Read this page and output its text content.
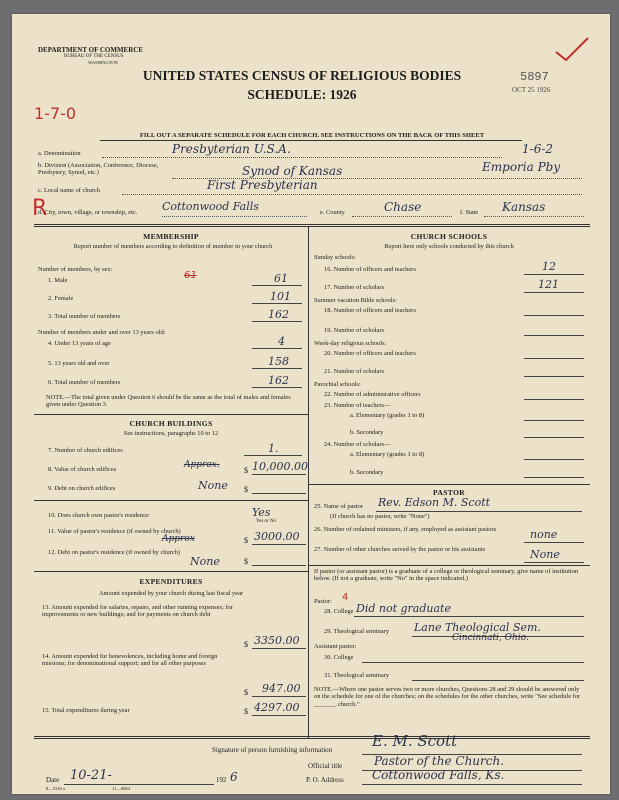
DEPARTMENT OF COMMERCE
BUREAU OF THE CENSUS
WASHINGTON
UNITED STATES CENSUS OF RELIGIOUS BODIES
SCHEDULE: 1926
FILL OUT A SEPARATE SCHEDULE FOR EACH CHURCH. SEE INSTRUCTIONS ON THE BACK OF THIS SHEET
5897
OCT 25 1926
1-7-0
R
a. Denomination	Presbyterian U.S.A.	1-6-2
b. Division (Association, Conference, Diocese, Presbytery, Synod, etc.)	Synod of Kansas	Emporia Pby
c. Local name of church	First Presbyterian
d. City, town, village, or township, etc. Cottonwood Falls	e. County	Chase	f. State Kansas
MEMBERSHIP
Report number of members according to definition of member in your church
Number of members, by sex:
1. Male	61	61
2. Female	101
3. Total number of members	162
Number of members under and over 13 years old:
4. Under 13 years of age	4
5. 13 years old and over	158
6. Total number of members	162
NOTE.—The total given under Question 6 should be the same as the total of males and females given under Question 3.
CHURCH BUILDINGS
See instructions, paragraphs 10 to 12
7. Number of church edifices	1.
8. Value of church edifices	Approx.
$ 10,000.00
9. Debt on church edifices	None $
10. Does church own pastor's residence	Yes
Yes or No
11. Value of pastor's residence (if owned by church)
Approx	$ 3000.00
12. Debt on pastor's residence (if owned by church)
None	$
EXPENDITURES
Amount expended by your church during last fiscal year
13. Amount expended for salaries, repairs, and other running expenses; for improvements or new buildings; and for payments on church debt
$ 3350.00
14. Amount expended for benevolences, including home and foreign missions; for denominational support; and for all other purposes
$ 947.00
15. Total expenditures during year	$ 4297.00
CHURCH SCHOOLS
Report here only schools conducted by this church
Sunday schools:
16. Number of officers and teachers	12
17. Number of scholars	121
Summer vacation Bible schools:
18. Number of officers and teachers
19. Number of scholars
Week-day religious schools:
20. Number of officers and teachers
21. Number of scholars
Parochial schools:
22. Number of administrative officers
23. Number of teachers—
a. Elementary (grades 1 to 8)
b. Secondary
24. Number of scholars—
a. Elementary (grades 1 to 8)
b. Secondary
PASTOR
25. Name of pastor Rev. Edson M. Scott
(If church has no pastor, write "None")
26. Number of ordained ministers, if any, employed as assistant pastors	none
27. Number of other churches served by the pastor or his assistants	None
If pastor (or assistant pastor) is a graduate of a college or theological seminary, give name of institution below. (If not a graduate, write "No" in the space indicated.)
Pastor: 4
28. College Did not graduate
29. Theological seminary Lane Theological Sem.
Cincinnati, Ohio.
Assistant pastor:
30. College
31. Theological seminary
NOTE.—Where one pastor serves two or more churches, Questions 28 and 29 should be answered only on the schedule for one of the churches; on the schedules for the other churches, write "See schedule for _______ church."
Signature of person furnishing information	E. M. Scott
Official title	Pastor of the Church.
Date 10-21-	192 6	P. O. Address Cottonwood Falls, Ks.
8—5318 a	11—9084
